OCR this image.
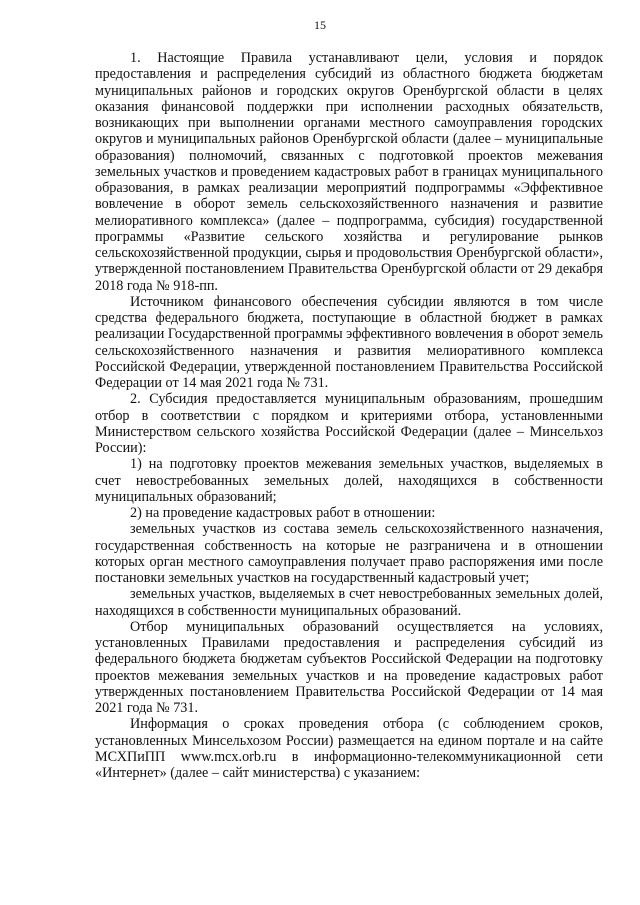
15

1. Настоящие Правила устанавливают цели, условия и порядок предоставления и распределения субсидий из областного бюджета бюджетам муниципальных районов и городских округов Оренбургской области в целях оказания финансовой поддержки при исполнении расходных обязательств, возникающих при выполнении органами местного самоуправления городских округов и муниципальных районов Оренбургской области (далее – муниципальные образования) полномочий, связанных с подготовкой проектов межевания земельных участков и проведением кадастровых работ в границах муниципального образования, в рамках реализации мероприятий подпрограммы «Эффективное вовлечение в оборот земель сельскохозяйственного назначения и развитие мелиоративного комплекса» (далее – подпрограмма, субсидия) государственной программы «Развитие сельского хозяйства и регулирование рынков сельскохозяйственной продукции, сырья и продовольствия Оренбургской области», утвержденной постановлением Правительства Оренбургской области от 29 декабря 2018 года № 918-пп.

Источником финансового обеспечения субсидии являются в том числе средства федерального бюджета, поступающие в областной бюджет в рамках реализации Государственной программы эффективного вовлечения в оборот земель сельскохозяйственного назначения и развития мелиоративного комплекса Российской Федерации, утвержденной постановлением Правительства Российской Федерации от 14 мая 2021 года № 731.

2. Субсидия предоставляется муниципальным образованиям, прошедшим отбор в соответствии с порядком и критериями отбора, установленными Министерством сельского хозяйства Российской Федерации (далее – Минсельхоз России):

1) на подготовку проектов межевания земельных участков, выделяемых в счет невостребованных земельных долей, находящихся в собственности муниципальных образований;

2) на проведение кадастровых работ в отношении:

земельных участков из состава земель сельскохозяйственного назначения, государственная собственность на которые не разграничена и в отношении которых орган местного самоуправления получает право распоряжения ими после постановки земельных участков на государственный кадастровый учет;

земельных участков, выделяемых в счет невостребованных земельных долей, находящихся в собственности муниципальных образований.

Отбор муниципальных образований осуществляется на условиях, установленных Правилами предоставления и распределения субсидий из федерального бюджета бюджетам субъектов Российской Федерации на подготовку проектов межевания земельных участков и на проведение кадастровых работ утвержденных постановлением Правительства Российской Федерации от 14 мая 2021 года № 731.

Информация о сроках проведения отбора (с соблюдением сроков, установленных Минсельхозом России) размещается на едином портале и на сайте МСХПиПП www.mcx.orb.ru в информационно-телекоммуникационной сети «Интернет» (далее – сайт министерства) с указанием:
